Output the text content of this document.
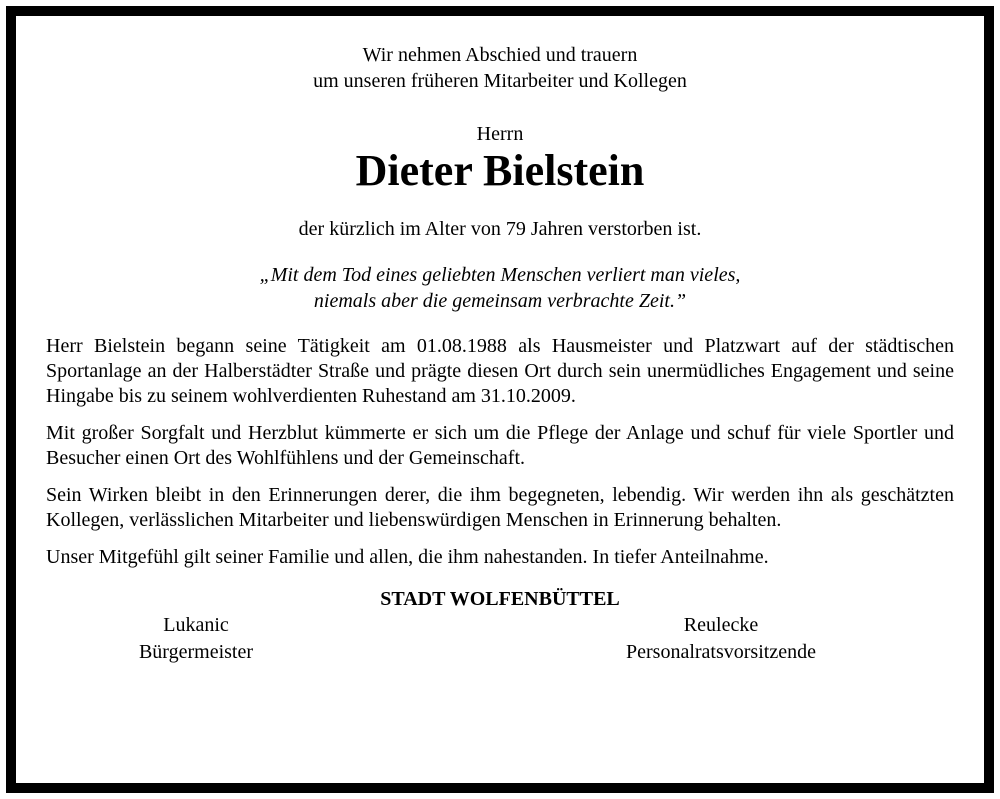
Wir nehmen Abschied und trauern
um unseren früheren Mitarbeiter und Kollegen

Herrn

Dieter Bielstein

der kürzlich im Alter von 79 Jahren verstorben ist.

„Mit dem Tod eines geliebten Menschen verliert man vieles,
niemals aber die gemeinsam verbrachte Zeit.”

Herr Bielstein begann seine Tätigkeit am 01.08.1988 als Hausmeister und Platzwart auf der städtischen Sportanlage an der Halberstädter Straße und prägte diesen Ort durch sein unermüdliches Engagement und seine Hingabe bis zu seinem wohlverdienten Ruhestand am 31.10.2009.

Mit großer Sorgfalt und Herzblut kümmerte er sich um die Pflege der Anlage und schuf für viele Sportler und Besucher einen Ort des Wohlfühlens und der Gemeinschaft.

Sein Wirken bleibt in den Erinnerungen derer, die ihm begegneten, lebendig. Wir werden ihn als geschätzten Kollegen, verlässlichen Mitarbeiter und liebenswürdigen Menschen in Erinnerung behalten.

Unser Mitgefühl gilt seiner Familie und allen, die ihm nahestanden. In tiefer Anteilnahme.

STADT WOLFENBÜTTEL

Lukanic
Bürgermeister
Reulecke
Personalratsvorsitzende
